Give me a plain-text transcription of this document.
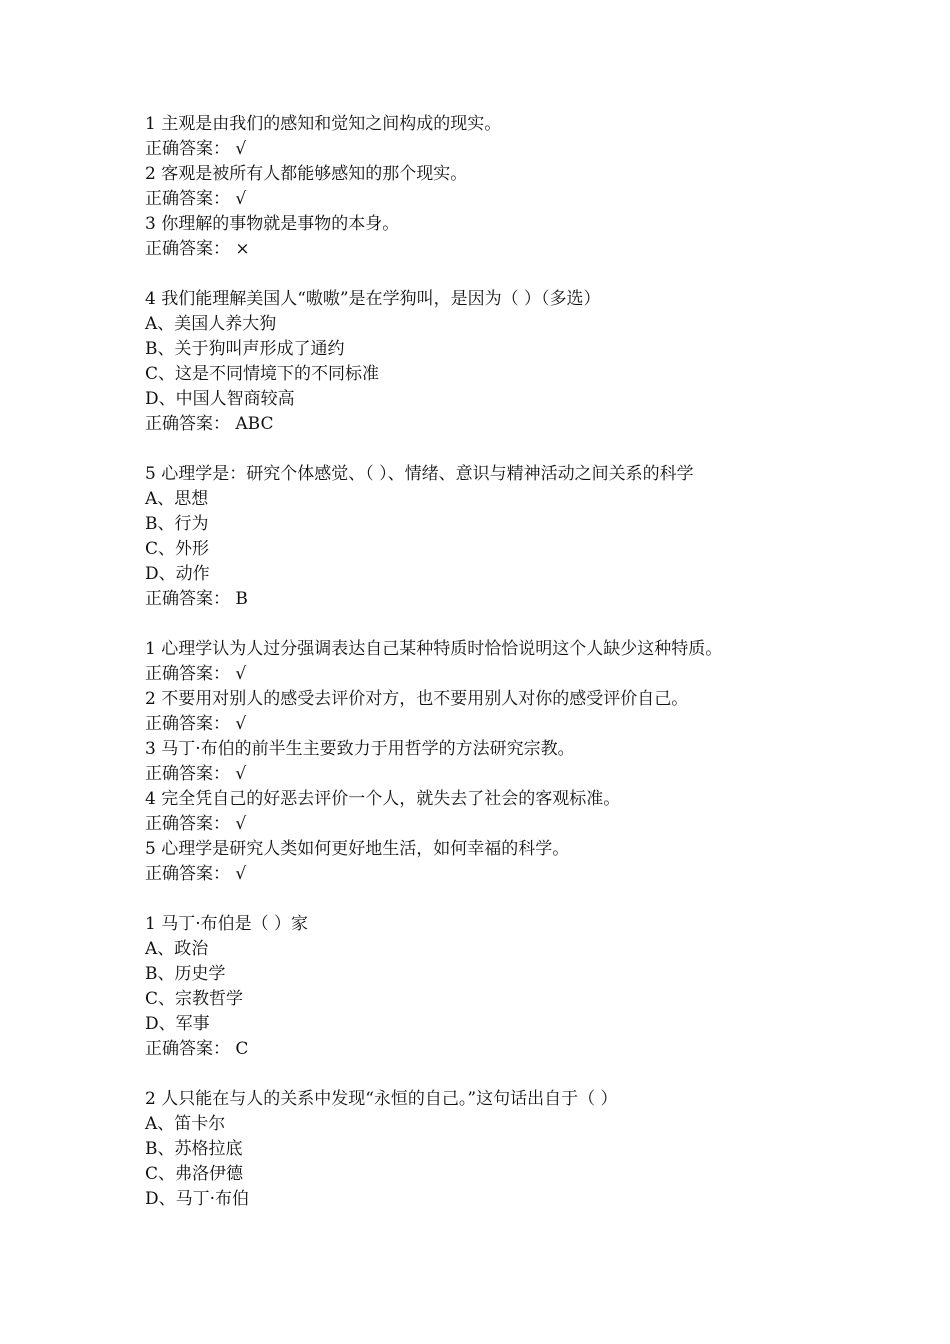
1 主观是由我们的感知和觉知之间构成的现实。
正确答案： √
2 客观是被所有人都能够感知的那个现实。
正确答案： √
3 你理解的事物就是事物的本身。
正确答案： ×
4 我们能理解美国人“嗷嗷”是在学狗叫，是因为（ ）（多选）
A、美国人养大狗
B、关于狗叫声形成了通约
C、这是不同情境下的不同标准
D、中国人智商较高
正确答案： ABC
5 心理学是：研究个体感觉、（ ）、情绪、意识与精神活动之间关系的科学
A、思想
B、行为
C、外形
D、动作
正确答案： B
1 心理学认为人过分强调表达自己某种特质时恰恰说明这个人缺少这种特质。
正确答案： √
2 不要用对别人的感受去评价对方，也不要用别人对你的感受评价自己。
正确答案： √
3 马丁·布伯的前半生主要致力于用哲学的方法研究宗教。
正确答案： √
4 完全凭自己的好恶去评价一个人，就失去了社会的客观标准。
正确答案： √
5 心理学是研究人类如何更好地生活，如何幸福的科学。
正确答案： √
1 马丁·布伯是（ ）家
A、政治
B、历史学
C、宗教哲学
D、军事
正确答案： C
2 人只能在与人的关系中发现“永恒的自己。”这句话出自于（ ）
A、笛卡尔
B、苏格拉底
C、弗洛伊德
D、马丁·布伯
